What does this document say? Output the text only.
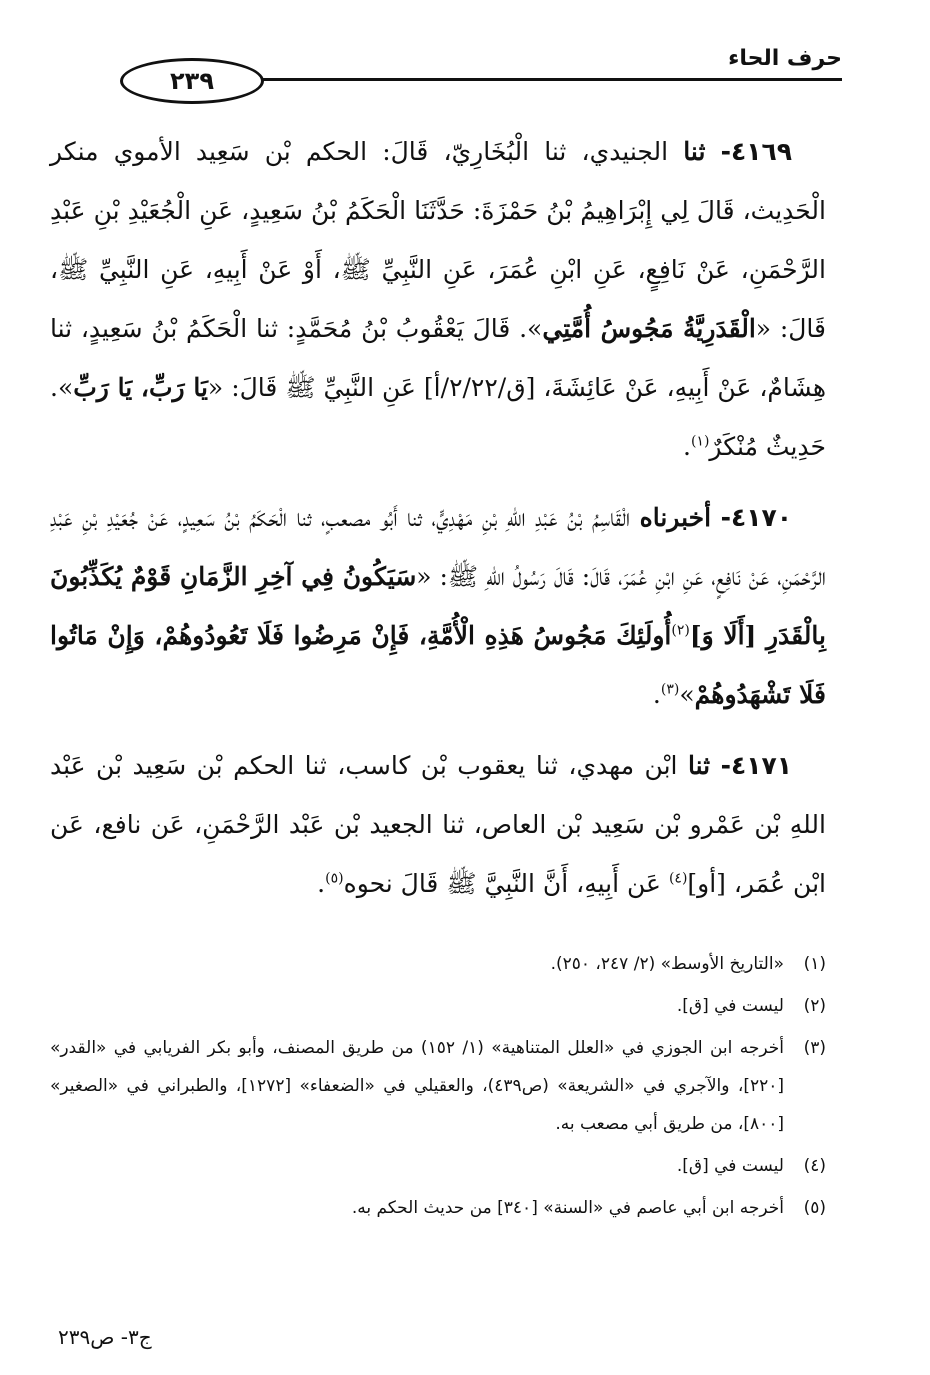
حرف الحاء
٢٣٩

٤١٦٩- ثنا الجنيدي، ثنا الْبُخَارِيّ، قَالَ: الحكم بْن سَعِيد الأموي منكر الْحَدِيث، قَالَ لِي إِبْرَاهِيمُ بْنُ حَمْزَةَ: حَدَّثَنَا الْحَكَمُ بْنُ سَعِيدٍ، عَنِ الْجُعَيْدِ بْنِ عَبْدِ الرَّحْمَنِ، عَنْ نَافِعٍ، عَنِ ابْنِ عُمَرَ، عَنِ النَّبِيِّ ﷺ، أَوْ عَنْ أَبِيهِ، عَنِ النَّبِيِّ ﷺ، قَالَ: «الْقَدَرِيَّةُ مَجُوسُ أُمَّتِي». قَالَ يَعْقُوبُ بْنُ مُحَمَّدٍ: ثنا الْحَكَمُ بْنُ سَعِيدٍ، ثنا هِشَامٌ، عَنْ أَبِيهِ، عَنْ عَائِشَةَ، [ق/٢/٢٢/أ] عَنِ النَّبِيِّ ﷺ قَالَ: «يَا رَبِّ، يَا رَبِّ». حَدِيثٌ مُنْكَرٌ$^{(١)}$.

٤١٧٠- أخبرناه الْقَاسِمُ بْنُ عَبْدِ اللهِ بْنِ مَهْدِيٍّ، ثنا أَبُو مصعبٍ، ثنا الْحَكَمُ بْنُ سَعِيدٍ، عَنْ جُعَيْدِ بْنِ عَبْدِ الرَّحْمَنِ، عَنْ نَافِعٍ، عَنِ ابْنِ عُمَرَ، قَالَ: قَالَ رَسُولُ اللهِ ﷺ: «سَيَكُونُ فِي آخِرِ الزَّمَانِ قَوْمٌ يُكَذِّبُونَ بِالْقَدَرِ [أَلَا وَ]$^{(٢)}$أُولَئِكَ مَجُوسُ هَذِهِ الْأُمَّةِ، فَإِنْ مَرِضُوا فَلَا تَعُودُوهُمْ، وَإِنْ مَاتُوا فَلَا تَشْهَدُوهُمْ»$^{(٣)}$.

٤١٧١- ثنا ابْن مهدي، ثنا يعقوب بْن كاسب، ثنا الحكم بْن سَعِيد بْن عَبْد اللهِ بْن عَمْرو بْن سَعِيد بْن العاص، ثنا الجعيد بْن عَبْد الرَّحْمَنِ، عَن نافع، عَن ابْن عُمَر، [أو]$^{(٤)}$ عَن أَبِيهِ، أَنَّ النَّبِيَّ ﷺ قَالَ نحوه$^{(٥)}$.

(١)
«التاريخ الأوسط» (٢/ ٢٤٧، ٢٥٠).

(٢)
ليست في [ق].

(٣)
أخرجه ابن الجوزي في «العلل المتناهية» (١/ ١٥٢) من طريق المصنف، وأبو بكر الفريابي في «القدر» [٢٢٠]، والآجري في «الشريعة» (ص٤٣٩)، والعقيلي في «الضعفاء» [١٢٧٢]، والطبراني في «الصغير» [٨٠٠]، من طريق أبي مصعب به.

(٤)
ليست في [ق].

(٥)
أخرجه ابن أبي عاصم في «السنة» [٣٤٠] من حديث الحكم به.

ج٣- ص٢٣٩
